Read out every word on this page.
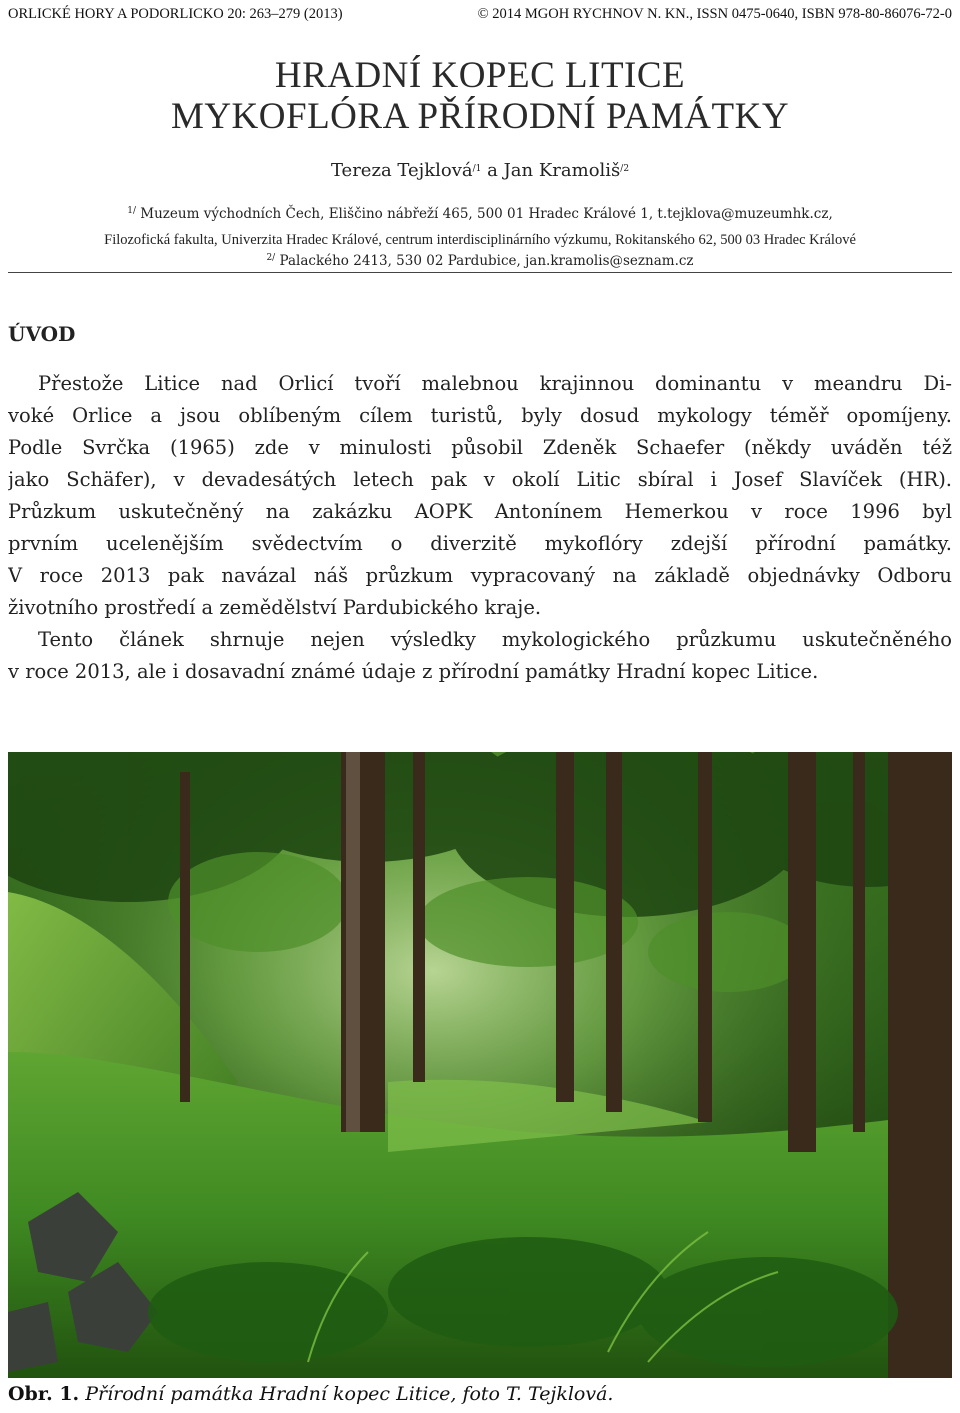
ORLICKÉ HORY A PODORLICKO 20: 263–279 (2013)	© 2014 MGOH RYCHNOV N. KN., ISSN 0475-0640, ISBN 978-80-86076-72-0
HRADNÍ KOPEC LITICE
MYKOFLÓRA PŘÍRODNÍ PAMÁTKY
Tereza Tejklová$^{/1}$ a Jan Kramoliš$^{/2}$
$^{1/}$ Muzeum východních Čech, Eliščino nábřeží 465, 500 01 Hradec Králové 1, t.tejklova@muzeumhk.cz,
Filozofická fakulta, Univerzita Hradec Králové, centrum interdisciplinárního výzkumu, Rokitanského 62, 500 03 Hradec Králové
$^{2/}$ Palackého 2413, 530 02 Pardubice, jan.kramolis@seznam.cz
ÚVOD
Přestože Litice nad Orlicí tvoří malebnou krajinnou dominantu v meandru Di-
voké Orlice a jsou oblíbeným cílem turistů, byly dosud mykology téměř opomíjeny.
Podle Svrčka (1965) zde v minulosti působil Zdeněk Schaefer (někdy uváděn též
jako Schäfer), v devadesátých letech pak v okolí Litic sbíral i Josef Slavíček (HR).
Průzkum uskutečněný na zakázku AOPK Antonínem Hemerkou v roce 1996 byl
prvním ucelenějším svědectvím o diverzitě mykoflóry zdejší přírodní památky.
V roce 2013 pak navázal náš průzkum vypracovaný na základě objednávky Odboru
životního prostředí a zemědělství Pardubického kraje.
Tento článek shrnuje nejen výsledky mykologického průzkumu uskutečněného
v roce 2013, ale i dosavadní známé údaje z přírodní památky Hradní kopec Litice.
Obr. 1. Přírodní památka Hradní kopec Litice, foto T. Tejklová.
